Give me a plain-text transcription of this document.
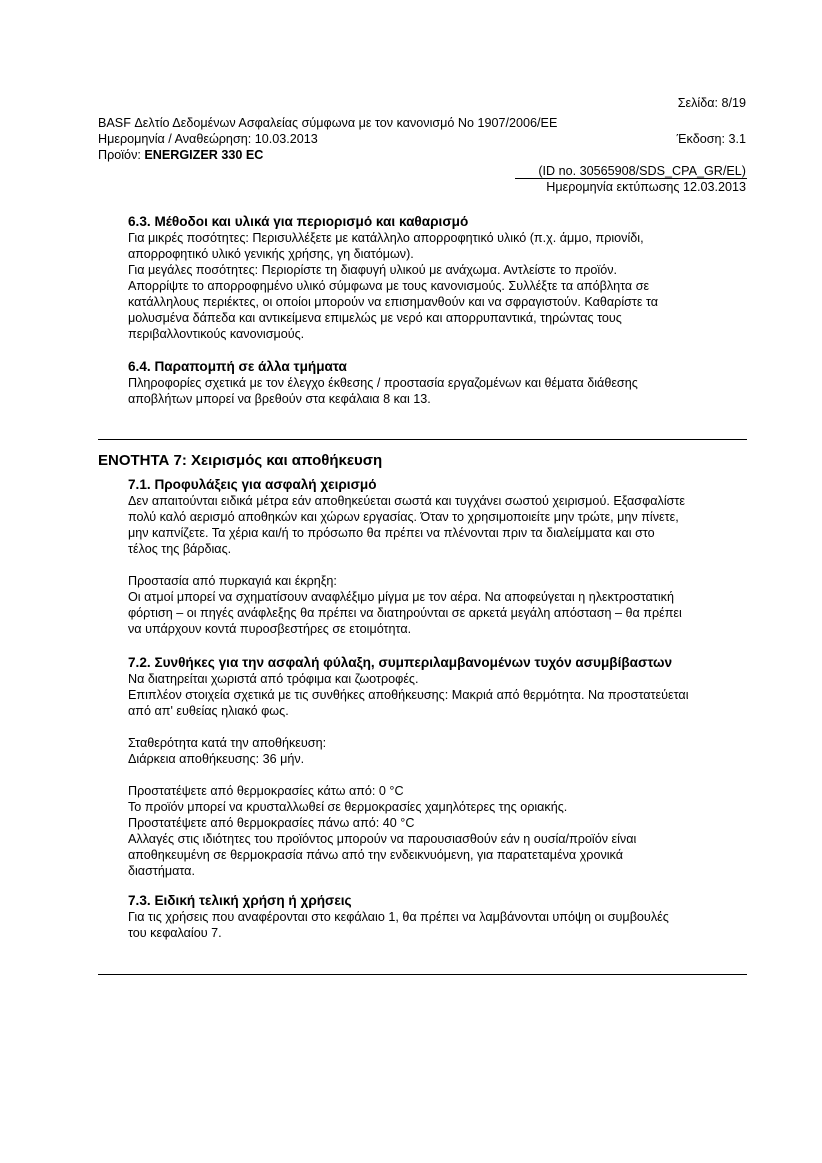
Σελίδα: 8/19
BASF Δελτίο Δεδομένων Ασφαλείας σύμφωνα με τον κανονισμό Νο 1907/2006/ΕΕ
Ημερομηνία / Αναθεώρηση: 10.03.2013	Έκδοση: 3.1
Προϊόν: ENERGIZER 330 EC
(ID no. 30565908/SDS_CPA_GR/EL)
Ημερομηνία εκτύπωσης 12.03.2013
6.3. Μέθοδοι και υλικά για περιορισμό και καθαρισμό
Για μικρές ποσότητες: Περισυλλέξετε με κατάλληλο απορροφητικό υλικό (π.χ. άμμο, πριονίδι,
απορροφητικό υλικό γενικής χρήσης, γη διατόμων).
Για μεγάλες ποσότητες: Περιορίστε τη διαφυγή υλικού με ανάχωμα. Αντλείστε το προϊόν.
Απορρίψτε το απορροφημένο υλικό σύμφωνα με τους κανονισμούς. Συλλέξτε τα απόβλητα σε
κατάλληλους περιέκτες, οι οποίοι μπορούν να επισημανθούν και να σφραγιστούν. Καθαρίστε τα
μολυσμένα δάπεδα και αντικείμενα επιμελώς με νερό και απορρυπαντικά, τηρώντας τους
περιβαλλοντικούς κανονισμούς.
6.4. Παραπομπή σε άλλα τμήματα
Πληροφορίες σχετικά με τον έλεγχο έκθεσης / προστασία εργαζομένων και θέματα διάθεσης
αποβλήτων μπορεί να βρεθούν στα κεφάλαια 8 και 13.
ΕΝΟΤΗΤΑ 7: Χειρισμός και αποθήκευση
7.1. Προφυλάξεις για ασφαλή χειρισμό
Δεν απαιτούνται ειδικά μέτρα εάν αποθηκεύεται σωστά και τυγχάνει σωστού χειρισμού. Εξασφαλίστε
πολύ καλό αερισμό αποθηκών και χώρων εργασίας. Όταν το χρησιμοποιείτε μην τρώτε, μην πίνετε,
μην καπνίζετε. Τα χέρια και/ή το πρόσωπο θα πρέπει να πλένονται πριν τα διαλείμματα και στο
τέλος της βάρδιας.
Προστασία από πυρκαγιά και έκρηξη:
Οι ατμοί μπορεί να σχηματίσουν αναφλέξιμο μίγμα με τον αέρα. Να αποφεύγεται η ηλεκτροστατική
φόρτιση – οι πηγές ανάφλεξης θα πρέπει να διατηρούνται σε αρκετά μεγάλη απόσταση – θα πρέπει
να υπάρχουν κοντά πυροσβεστήρες σε ετοιμότητα.
7.2. Συνθήκες για την ασφαλή φύλαξη, συμπεριλαμβανομένων τυχόν ασυμβίβαστων
Να διατηρείται χωριστά από τρόφιμα και ζωοτροφές.
Επιπλέον στοιχεία σχετικά με τις συνθήκες αποθήκευσης: Μακριά από θερμότητα. Να προστατεύεται
από απ' ευθείας ηλιακό φως.
Σταθερότητα κατά την αποθήκευση:
Διάρκεια αποθήκευσης: 36 μήν.
Προστατέψετε από θερμοκρασίες κάτω από: 0 °C
Το προϊόν μπορεί να κρυσταλλωθεί σε θερμοκρασίες χαμηλότερες της οριακής.
Προστατέψετε από θερμοκρασίες πάνω από: 40 °C
Αλλαγές στις ιδιότητες του προϊόντος μπορούν να παρουσιασθούν εάν η ουσία/προϊόν είναι
αποθηκευμένη σε θερμοκρασία πάνω από την ενδεικνυόμενη, για παρατεταμένα χρονικά
διαστήματα.
7.3. Ειδική τελική χρήση ή χρήσεις
Για τις χρήσεις που αναφέρονται στο κεφάλαιο 1, θα πρέπει να λαμβάνονται υπόψη οι συμβουλές
του κεφαλαίου 7.
